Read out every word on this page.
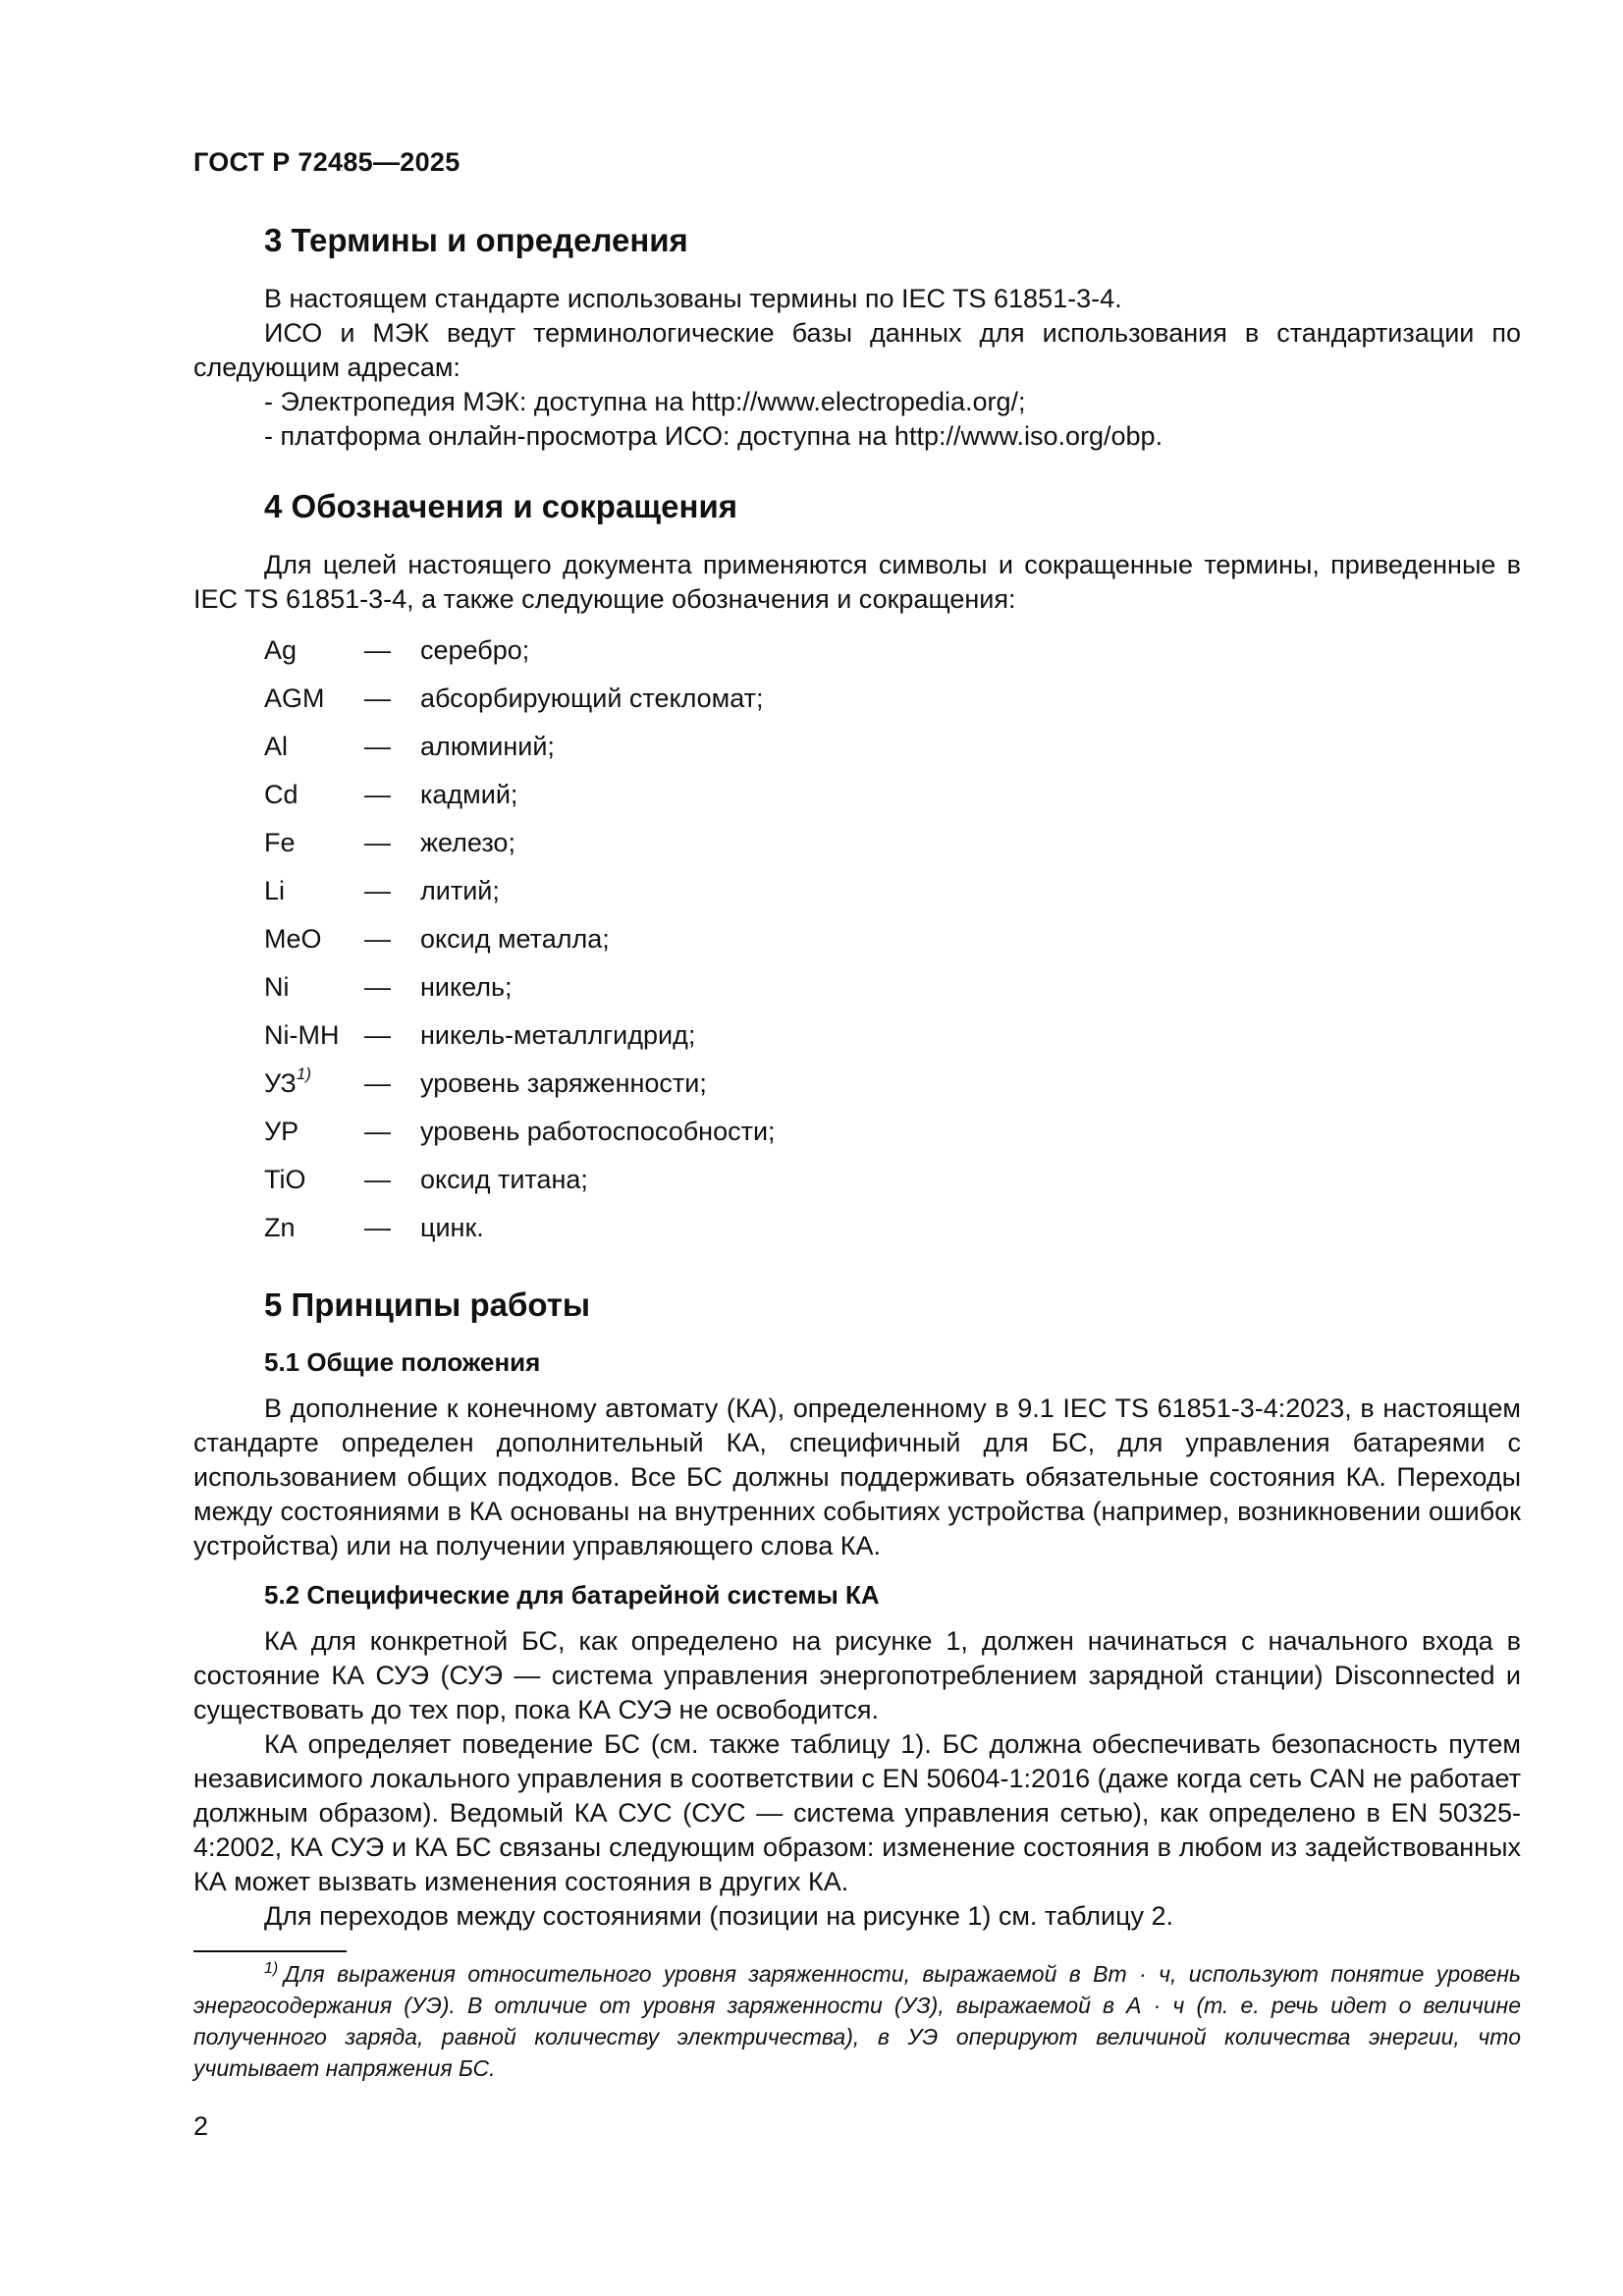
ГОСТ Р 72485—2025
3 Термины и определения

В настоящем стандарте использованы термины по IEC TS 61851-3-4.

ИСО и МЭК ведут терминологические базы данных для использования в стандартизации по следующим адресам:

- Электропедия МЭК: доступна на http://www.electropedia.org/;

- платформа онлайн-просмотра ИСО: доступна на http://www.iso.org/obp.

4 Обозначения и сокращения

Для целей настоящего документа применяются символы и сокращенные термины, приведенные в IEC TS 61851-3-4, а также следующие обозначения и сокращения:

Ag	—	серебро;
AGM	—	абсорбирующий стекломат;
Al	—	алюминий;
Cd	—	кадмий;
Fe	—	железо;
Li	—	литий;
MeO	—	оксид металла;
Ni	—	никель;
Ni-MH	—	никель-металлгидрид;
УЗ$^{1)}$	—	уровень заряженности;
УР	—	уровень работоспособности;
TiO	—	оксид титана;
Zn	—	цинк.
5 Принципы работы
5.1 Общие положения

В дополнение к конечному автомату (КА), определенному в 9.1 IEC TS 61851-3-4:2023, в настоящем стандарте определен дополнительный КА, специфичный для БС, для управления батареями с использованием общих подходов. Все БС должны поддерживать обязательные состояния КА. Переходы между состояниями в КА основаны на внутренних событиях устройства (например, возникновении ошибок устройства) или на получении управляющего слова КА.

5.2 Специфические для батарейной системы КА

КА для конкретной БС, как определено на рисунке 1, должен начинаться с начального входа в состояние КА СУЭ (СУЭ — система управления энергопотреблением зарядной станции) Disconnected и существовать до тех пор, пока КА СУЭ не освободится.

КА определяет поведение БС (см. также таблицу 1). БС должна обеспечивать безопасность путем независимого локального управления в соответствии с EN 50604-1:2016 (даже когда сеть CAN не работает должным образом). Ведомый КА СУС (СУС — система управления сетью), как определено в EN 50325-4:2002, КА СУЭ и КА БС связаны следующим образом: изменение состояния в любом из задействованных КА может вызвать изменения состояния в других КА.

Для переходов между состояниями (позиции на рисунке 1) см. таблицу 2.

$^{1)}$ Для выражения относительного уровня заряженности, выражаемой в Вт · ч, используют понятие уровень энергосодержания (УЭ). В отличие от уровня заряженности (УЗ), выражаемой в А · ч (т. е. речь идет о величине полученного заряда, равной количеству электричества), в УЭ оперируют величиной количества энергии, что учитывает напряжения БС.
2
